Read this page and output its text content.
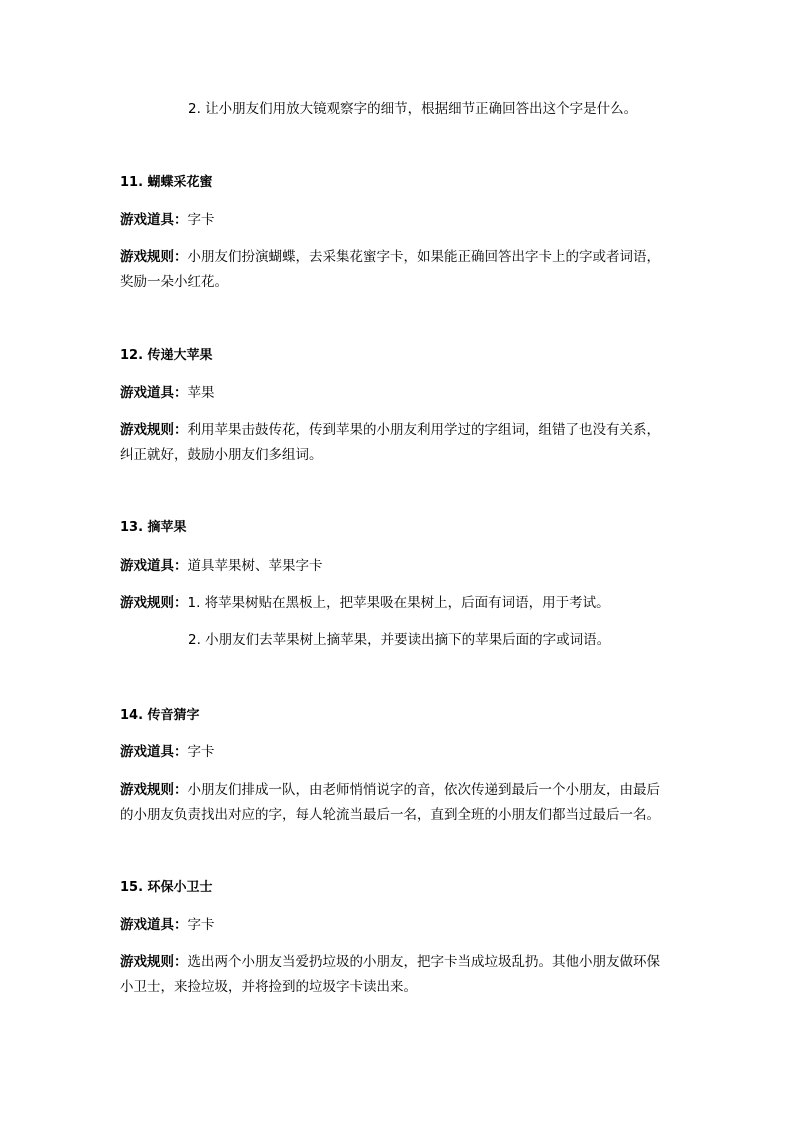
2. 让小朋友们用放大镜观察字的细节，根据细节正确回答出这个字是什么。
11. 蝴蝶采花蜜
游戏道具：字卡
游戏规则：小朋友们扮演蝴蝶，去采集花蜜字卡，如果能正确回答出字卡上的字或者词语，
奖励一朵小红花。
12. 传递大苹果
游戏道具：苹果
游戏规则：利用苹果击鼓传花，传到苹果的小朋友利用学过的字组词，组错了也没有关系，
纠正就好，鼓励小朋友们多组词。
13. 摘苹果
游戏道具：道具苹果树、苹果字卡
游戏规则：1. 将苹果树贴在黑板上，把苹果吸在果树上，后面有词语，用于考试。
2. 小朋友们去苹果树上摘苹果，并要读出摘下的苹果后面的字或词语。
14. 传音猜字
游戏道具：字卡
游戏规则：小朋友们排成一队，由老师悄悄说字的音，依次传递到最后一个小朋友，由最后
的小朋友负责找出对应的字，每人轮流当最后一名，直到全班的小朋友们都当过最后一名。
15. 环保小卫士
游戏道具：字卡
游戏规则：选出两个小朋友当爱扔垃圾的小朋友，把字卡当成垃圾乱扔。其他小朋友做环保
小卫士，来捡垃圾，并将捡到的垃圾字卡读出来。
